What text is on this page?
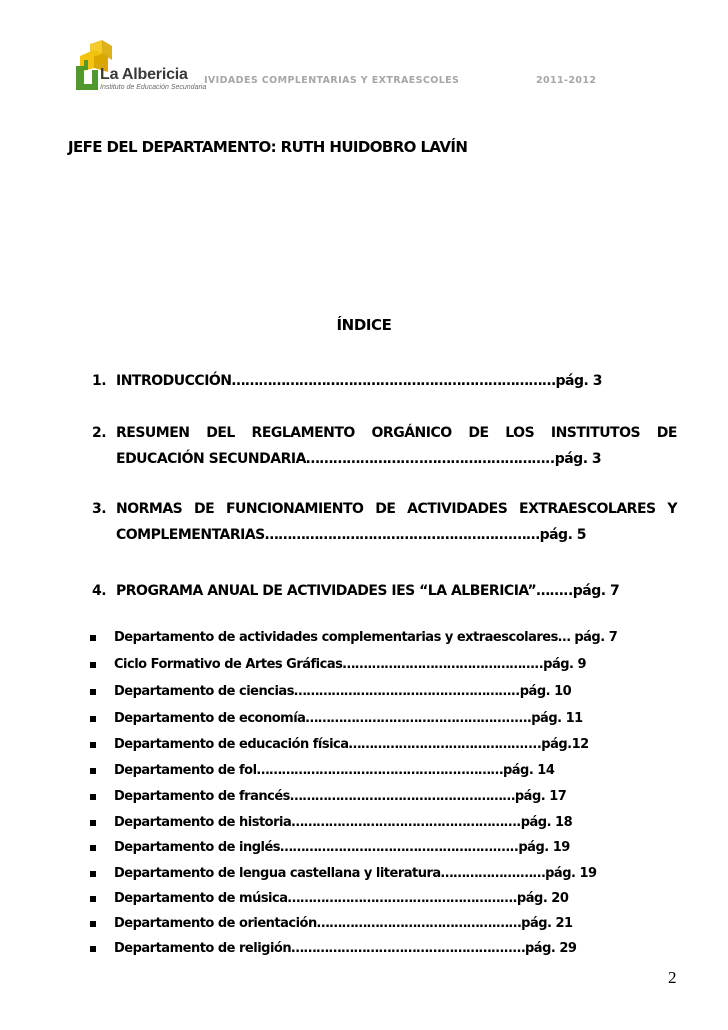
La Albericia
Instituto de Educación Secundaria
IVIDADES COMPLENTARIAS Y EXTRAESCOLES	2011-2012
JEFE DEL DEPARTAMENTO: RUTH HUIDOBRO LAVÍN
ÍNDICE
1. INTRODUCCIÓN………………………………………………………………pág. 3
2. RESUMEN DEL REGLAMENTO ORGÁNICO DE LOS INSTITUTOS DE
EDUCACIÓN SECUNDARIA……………………..………………………..pág. 3
3. NORMAS DE FUNCIONAMIENTO DE ACTIVIDADES EXTRAESCOLARES Y
COMPLEMENTARIAS……………………………………………….……pág. 5
4. PROGRAMA ANUAL DE ACTIVIDADES IES “LA ALBERICIA”……..pág. 7
Departamento de actividades complementarias y extraescolares… pág. 7
Ciclo Formativo de Artes Gráficas…….…………………………………..pág. 9
Departamento de ciencias………………………………….…………..pág. 10
Departamento de economía…………………………………………..….pág. 11
Departamento de educación física……………………………………....pág.12
Departamento de fol…………………………………………..………pág. 14
Departamento de francés………………………………………………pág. 17
Departamento de historia……………………………………………….pág. 18
Departamento de inglés…………………………………………….…..pág. 19
Departamento de lengua castellana y literatura……………….……pág. 19
Departamento de música……………………………………………….pág. 20
Departamento de orientación…………………………………….……pág. 21
Departamento de religión……………………………………………..…pág. 29
2
